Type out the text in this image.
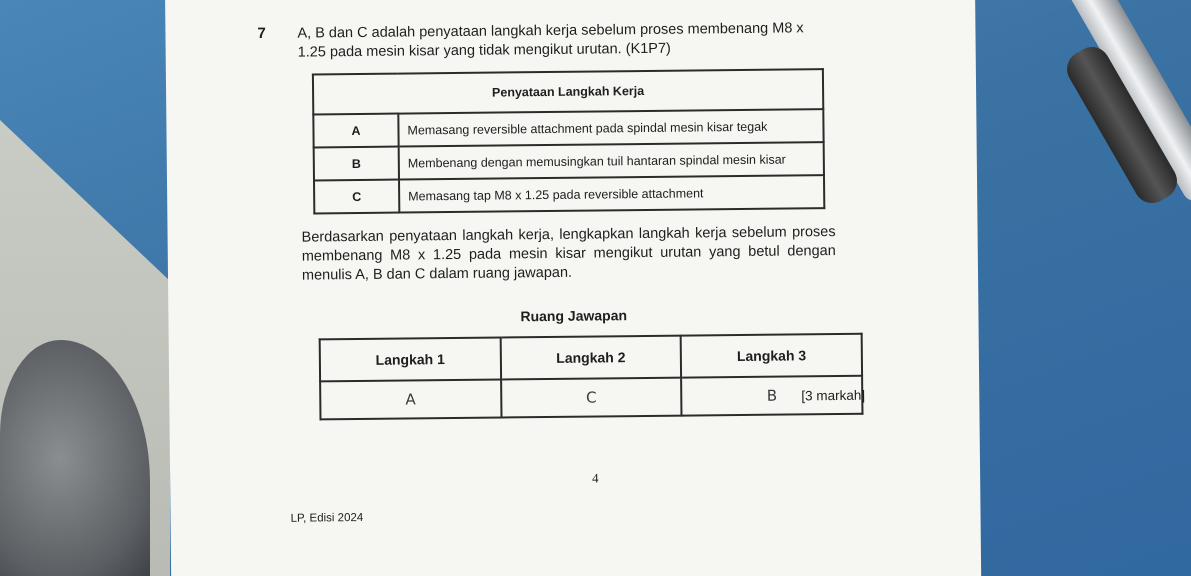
7 A, B dan C adalah penyataan langkah kerja sebelum proses membenang M8 x 1.25 pada mesin kisar yang tidak mengikut urutan. (K1P7)
Penyataan Langkah Kerja	
A	Memasang reversible attachment pada spindal mesin kisar tegak
B	Membenang dengan memusingkan tuil hantaran spindal mesin kisar
C	Memasang tap M8 x 1.25 pada reversible attachment
Berdasarkan penyataan langkah kerja, lengkapkan langkah kerja sebelum proses membenang M8 x 1.25 pada mesin kisar mengikut urutan yang betul dengan menulis A, B dan C dalam ruang jawapan.
Ruang Jawapan
Langkah 1	Langkah 2	Langkah 3
A	C	B [3 markah]
4
LP, Edisi 2024
